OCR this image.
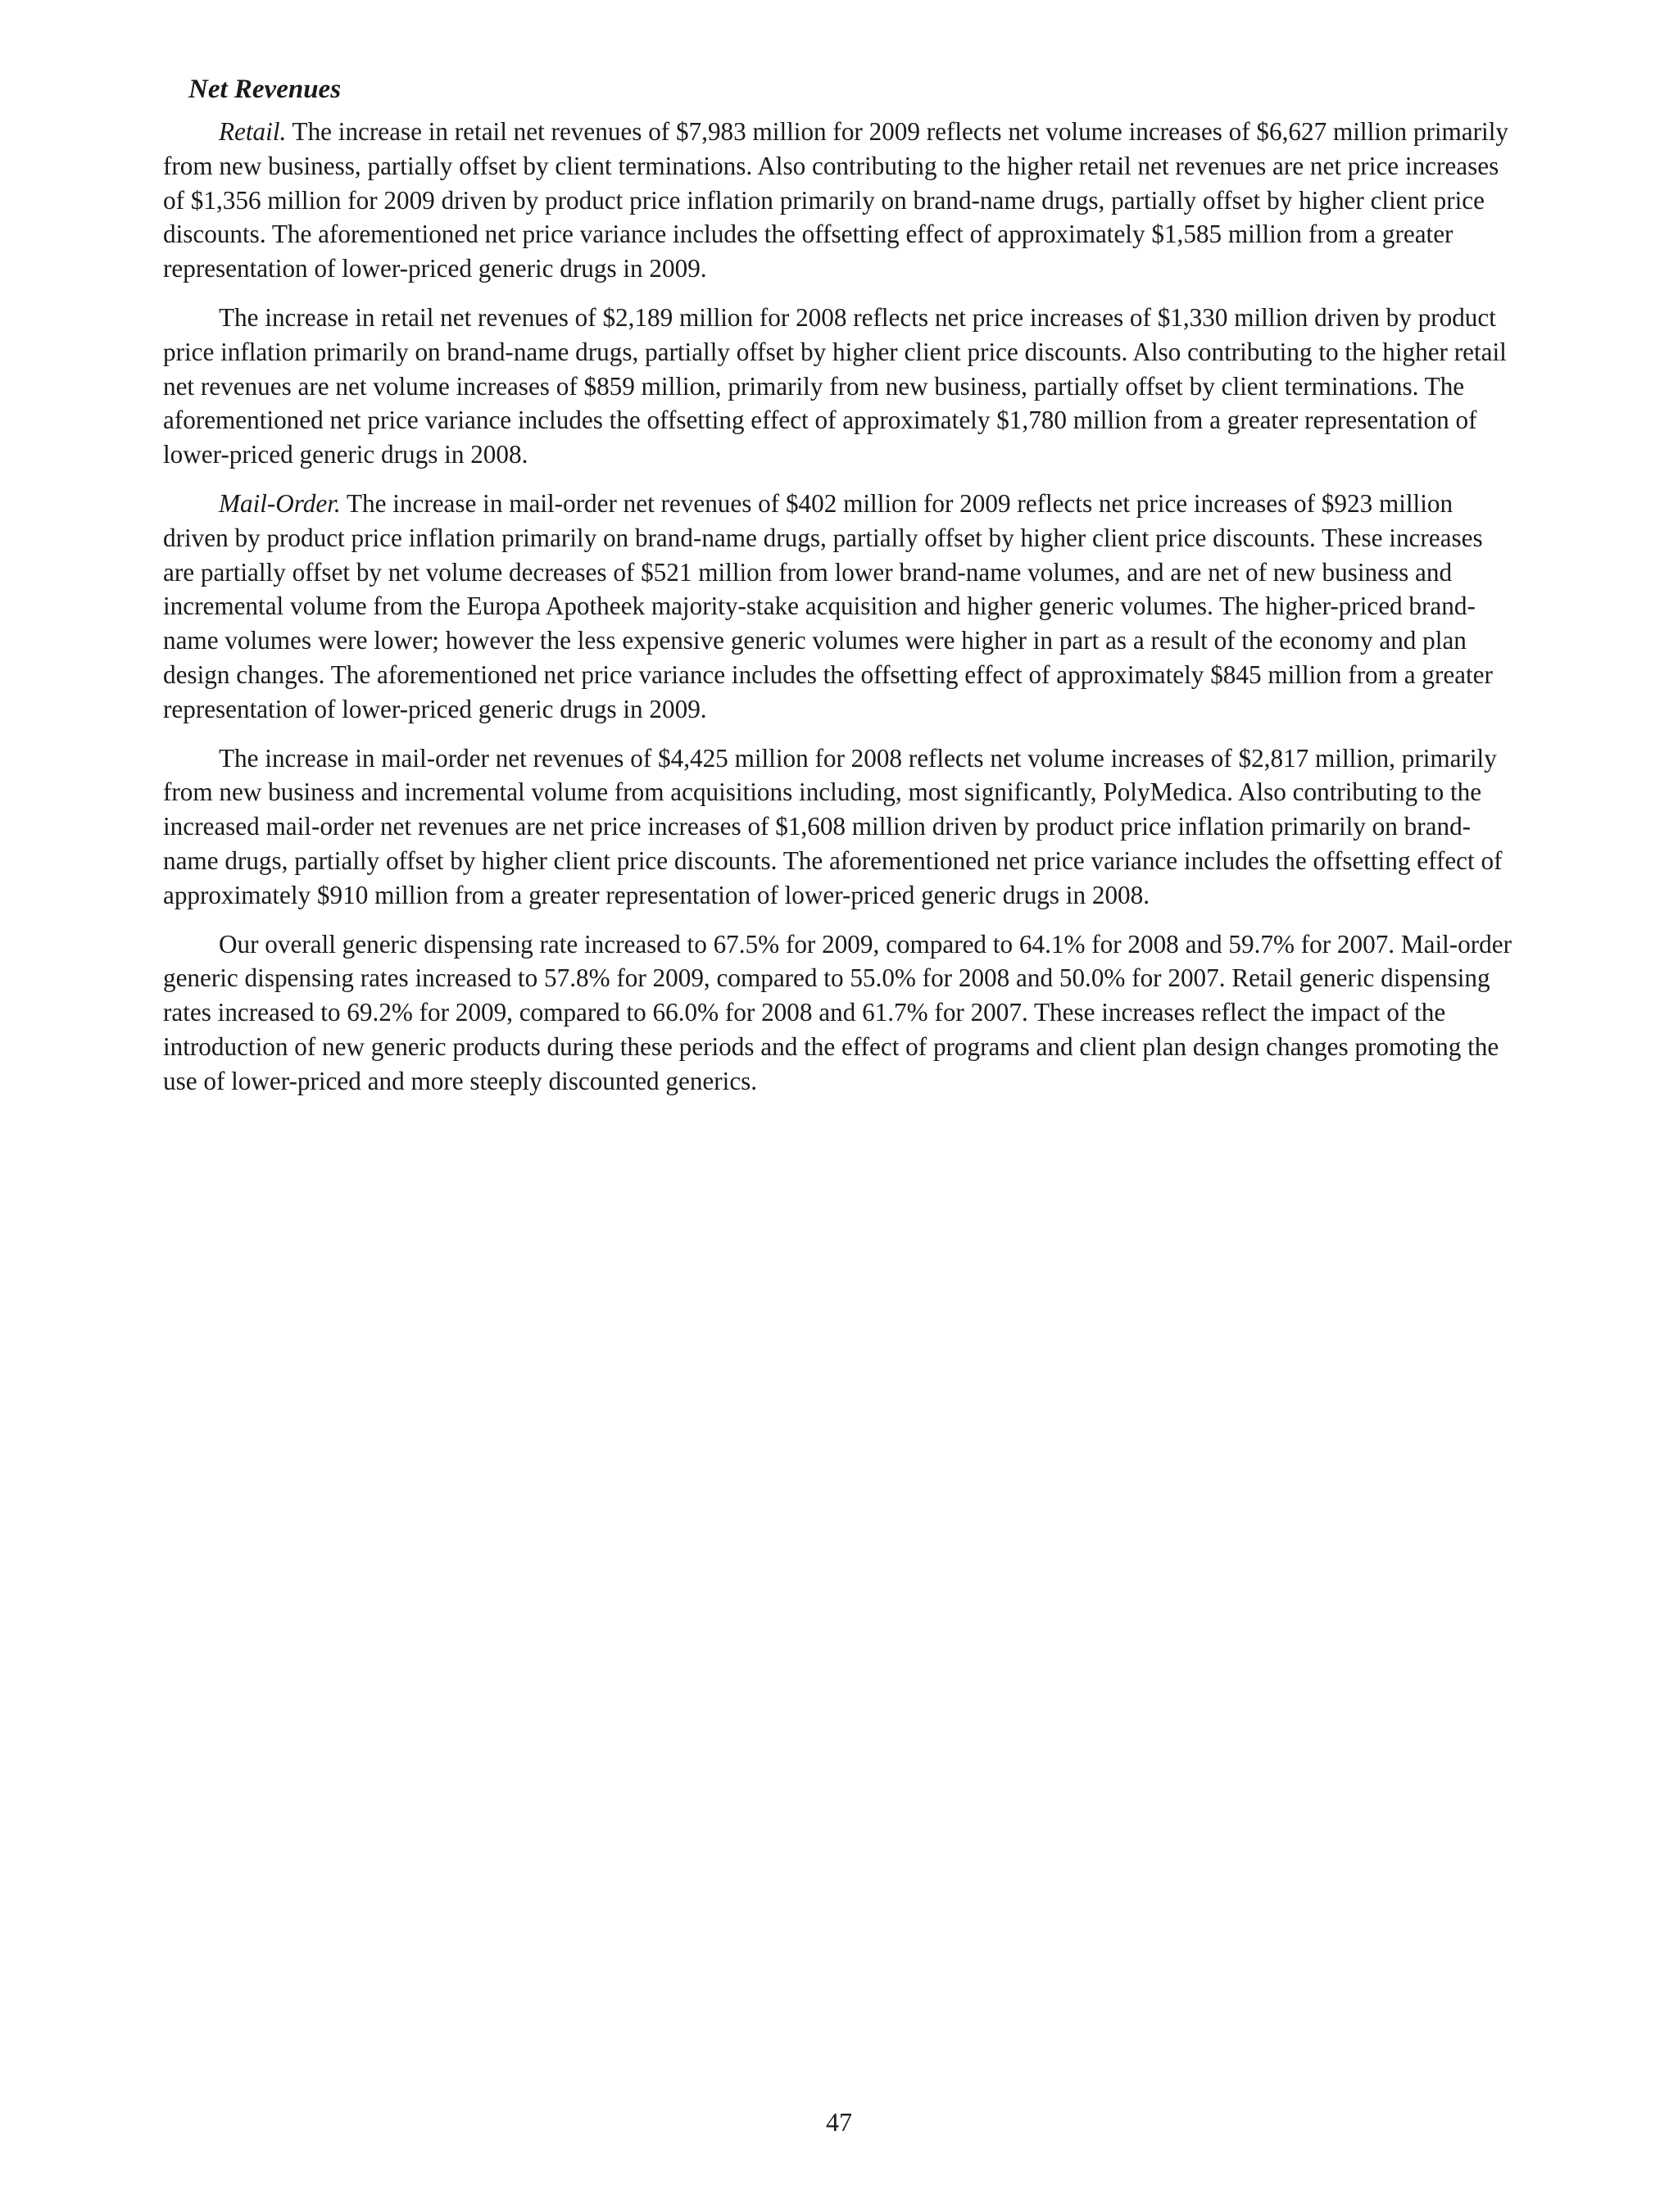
Net Revenues

Retail. The increase in retail net revenues of $7,983 million for 2009 reflects net volume increases of $6,627 million primarily from new business, partially offset by client terminations. Also contributing to the higher retail net revenues are net price increases of $1,356 million for 2009 driven by product price inflation primarily on brand-name drugs, partially offset by higher client price discounts. The aforementioned net price variance includes the offsetting effect of approximately $1,585 million from a greater representation of lower-priced generic drugs in 2009.

The increase in retail net revenues of $2,189 million for 2008 reflects net price increases of $1,330 million driven by product price inflation primarily on brand-name drugs, partially offset by higher client price discounts. Also contributing to the higher retail net revenues are net volume increases of $859 million, primarily from new business, partially offset by client terminations. The aforementioned net price variance includes the offsetting effect of approximately $1,780 million from a greater representation of lower-priced generic drugs in 2008.

Mail-Order. The increase in mail-order net revenues of $402 million for 2009 reflects net price increases of $923 million driven by product price inflation primarily on brand-name drugs, partially offset by higher client price discounts. These increases are partially offset by net volume decreases of $521 million from lower brand-name volumes, and are net of new business and incremental volume from the Europa Apotheek majority-stake acquisition and higher generic volumes. The higher-priced brand-name volumes were lower; however the less expensive generic volumes were higher in part as a result of the economy and plan design changes. The aforementioned net price variance includes the offsetting effect of approximately $845 million from a greater representation of lower-priced generic drugs in 2009.

The increase in mail-order net revenues of $4,425 million for 2008 reflects net volume increases of $2,817 million, primarily from new business and incremental volume from acquisitions including, most significantly, PolyMedica. Also contributing to the increased mail-order net revenues are net price increases of $1,608 million driven by product price inflation primarily on brand-name drugs, partially offset by higher client price discounts. The aforementioned net price variance includes the offsetting effect of approximately $910 million from a greater representation of lower-priced generic drugs in 2008.

Our overall generic dispensing rate increased to 67.5% for 2009, compared to 64.1% for 2008 and 59.7% for 2007. Mail-order generic dispensing rates increased to 57.8% for 2009, compared to 55.0% for 2008 and 50.0% for 2007. Retail generic dispensing rates increased to 69.2% for 2009, compared to 66.0% for 2008 and 61.7% for 2007. These increases reflect the impact of the introduction of new generic products during these periods and the effect of programs and client plan design changes promoting the use of lower-priced and more steeply discounted generics.

47
